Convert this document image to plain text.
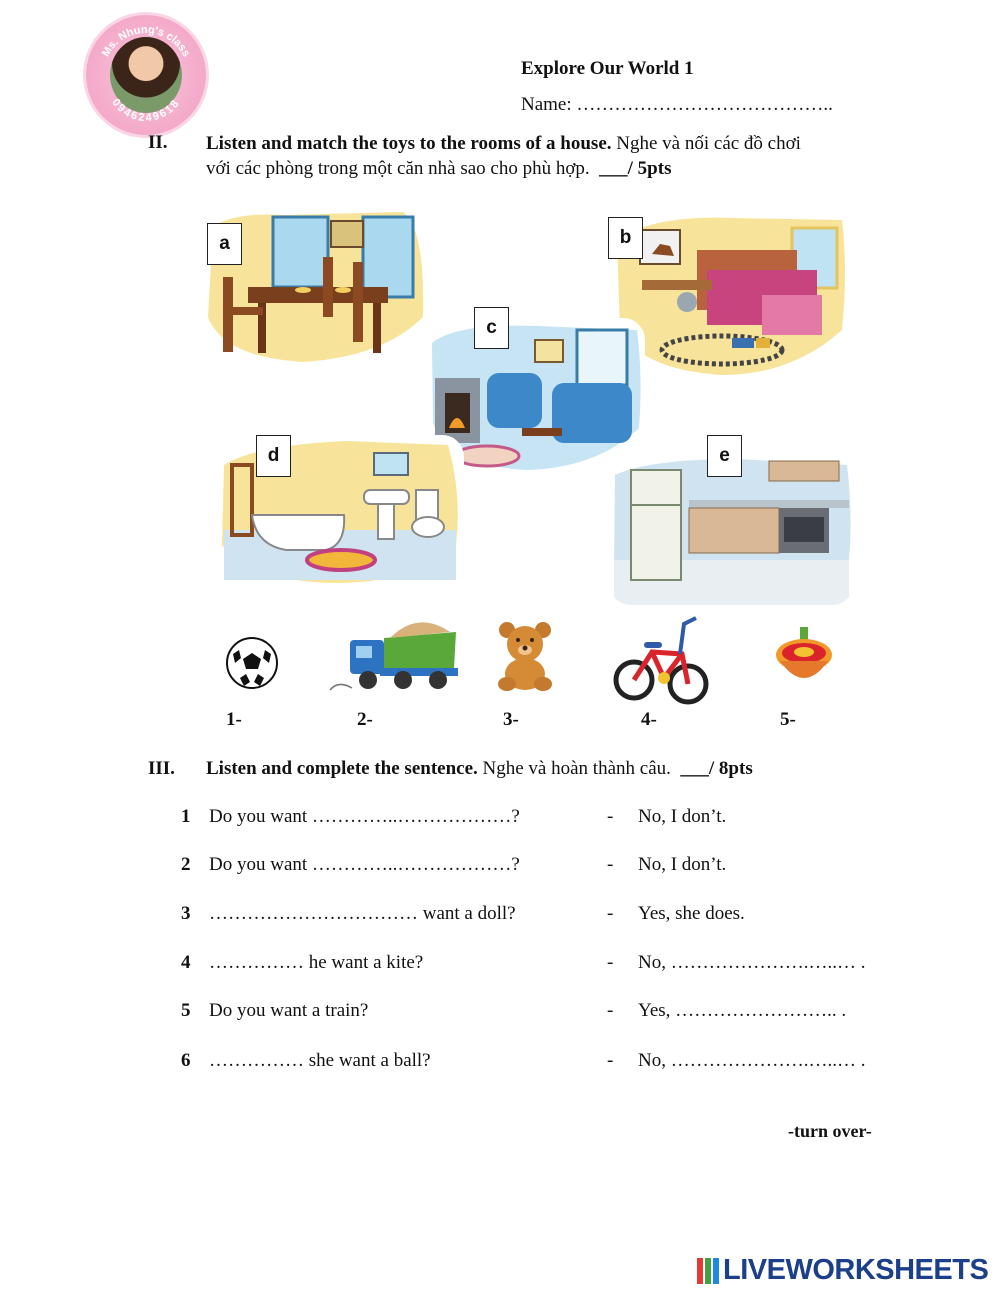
Ms. Nhung's class
0946249618
Explore Our World 1
Name: …………………………………..
II. Listen and match the toys to the rooms of a house. Nghe và nối các đồ chơi
với các phòng trong một căn nhà sao cho phù hợp. ___/ 5pts
a	b
c
d	e
1-	2-	3-	4-	5-
III. Listen and complete the sentence. Nghe và hoàn thành câu. ___/ 8pts
1 Do you want …………..………………?	- No, I don’t.
2 Do you want …………..………………?	- No, I don’t.
3 …………………………… want a doll?	- Yes, she does.
4 …………… he want a kite?	- No, ………………….…..… .
5 Do you want a train?	- Yes, …………………….. .
6 …………… she want a ball?	- No, ………………….…..… .
-turn over-
LIVEWORKSHEETS
